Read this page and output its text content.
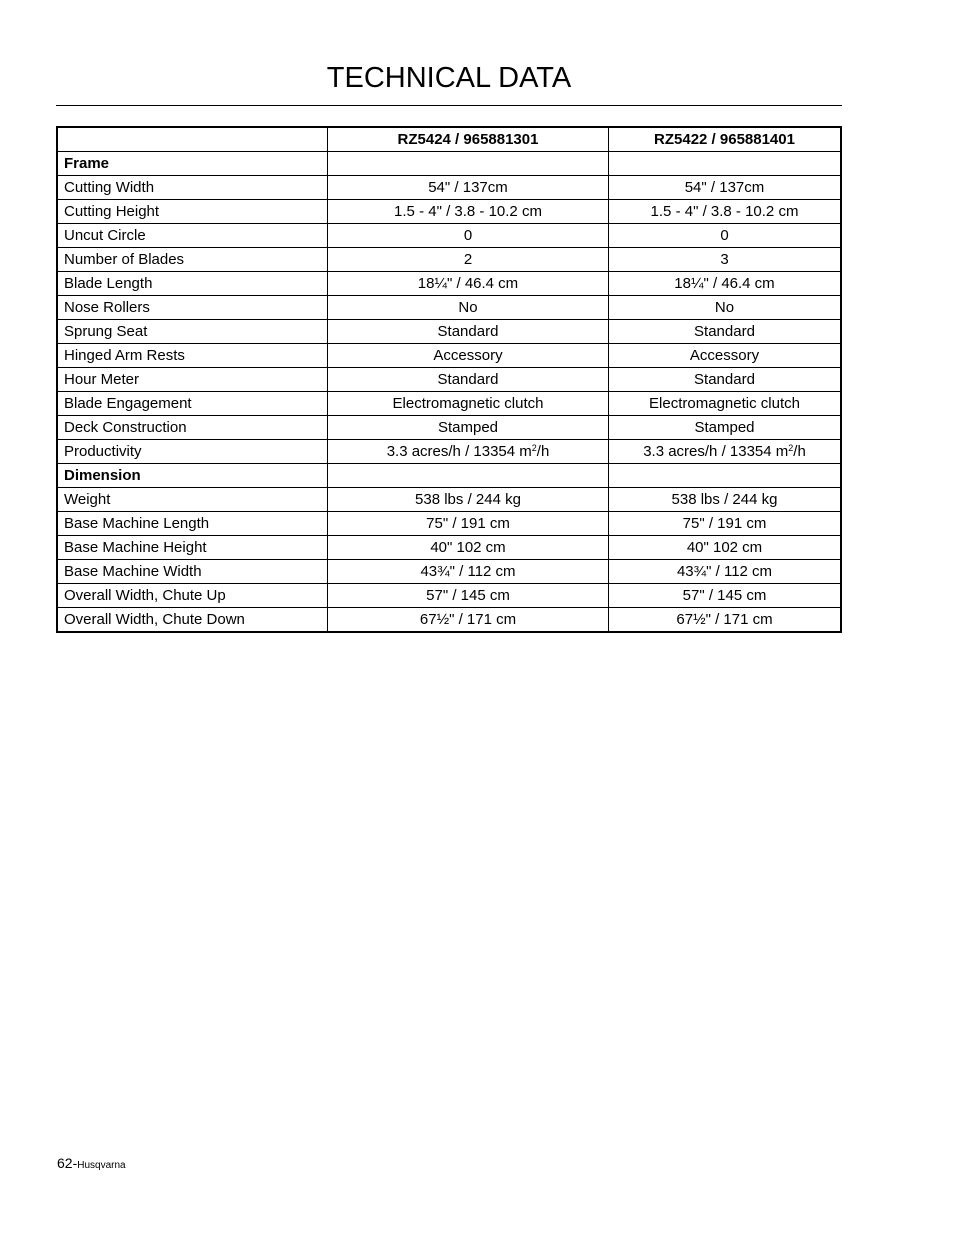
TECHNICAL DATA
	RZ5424 / 965881301	RZ5422 / 965881401
Frame		
Cutting Width	54" / 137cm	54" / 137cm
Cutting Height	1.5 - 4" / 3.8 - 10.2 cm	1.5 - 4" / 3.8 - 10.2 cm
Uncut Circle	0	0
Number of Blades	2	3
Blade Length	18¼" / 46.4 cm	18¼" / 46.4 cm
Nose Rollers	No	No
Sprung Seat	Standard	Standard
Hinged Arm Rests	Accessory	Accessory
Hour Meter	Standard	Standard
Blade Engagement	Electromagnetic clutch	Electromagnetic clutch
Deck Construction	Stamped	Stamped
Productivity	3.3 acres/h / 13354 $m^2/h$	3.3 acres/h / 13354 $m^2/h$
Dimension		
Weight	538 lbs / 244 kg	538 lbs / 244 kg
Base Machine Length	75" / 191 cm	75" / 191 cm
Base Machine Height	40" 102 cm	40" 102 cm
Base Machine Width	43¾" / 112 cm	43¾" / 112 cm
Overall Width, Chute Up	57" / 145 cm	57" / 145 cm
Overall Width, Chute Down	67½" / 171 cm	67½" / 171 cm
62-Husqvarna
